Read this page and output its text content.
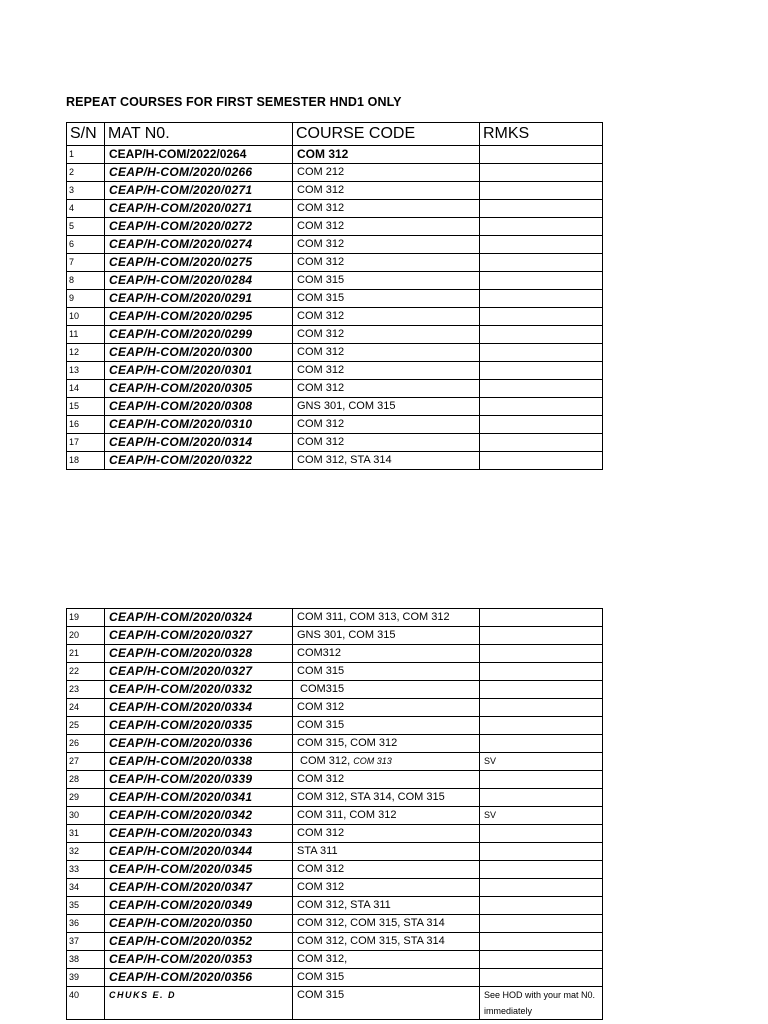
REPEAT COURSES FOR FIRST SEMESTER HND1 ONLY
S/N	MAT N0.	COURSE CODE	RMKS
1	CEAP/H-COM/2022/0264	COM 312	
2	CEAP/H-COM/2020/0266	COM 212	
3	CEAP/H-COM/2020/0271	COM 312	
4	CEAP/H-COM/2020/0271	COM 312	
5	CEAP/H-COM/2020/0272	COM 312	
6	CEAP/H-COM/2020/0274	COM 312	
7	CEAP/H-COM/2020/0275	COM 312	
8	CEAP/H-COM/2020/0284	COM 315	
9	CEAP/H-COM/2020/0291	COM 315	
10	CEAP/H-COM/2020/0295	COM 312	
11	CEAP/H-COM/2020/0299	COM 312	
12	CEAP/H-COM/2020/0300	COM 312	
13	CEAP/H-COM/2020/0301	COM 312	
14	CEAP/H-COM/2020/0305	COM 312	
15	CEAP/H-COM/2020/0308	GNS 301, COM 315	
16	CEAP/H-COM/2020/0310	COM 312	
17	CEAP/H-COM/2020/0314	COM 312	
18	CEAP/H-COM/2020/0322	COM 312, STA 314	
19	CEAP/H-COM/2020/0324	COM 311, COM 313, COM 312	
20	CEAP/H-COM/2020/0327	GNS 301, COM 315	
21	CEAP/H-COM/2020/0328	COM312	
22	CEAP/H-COM/2020/0327	COM 315	
23	CEAP/H-COM/2020/0332	COM315	
24	CEAP/H-COM/2020/0334	COM 312	
25	CEAP/H-COM/2020/0335	COM 315	
26	CEAP/H-COM/2020/0336	COM 315, COM 312	
27	CEAP/H-COM/2020/0338	COM 312, COM 313	SV
28	CEAP/H-COM/2020/0339	COM 312	
29	CEAP/H-COM/2020/0341	COM 312, STA 314, COM 315	
30	CEAP/H-COM/2020/0342	COM 311, COM 312	SV
31	CEAP/H-COM/2020/0343	COM 312	
32	CEAP/H-COM/2020/0344	STA 311	
33	CEAP/H-COM/2020/0345	COM 312	
34	CEAP/H-COM/2020/0347	COM 312	
35	CEAP/H-COM/2020/0349	COM 312, STA 311	
36	CEAP/H-COM/2020/0350	COM 312, COM 315, STA 314	
37	CEAP/H-COM/2020/0352	COM 312, COM 315, STA 314	
38	CEAP/H-COM/2020/0353	COM 312,	
39	CEAP/H-COM/2020/0356	COM 315	
40	CHUKS E. D	COM 315	See HOD with your mat N0. immediately
